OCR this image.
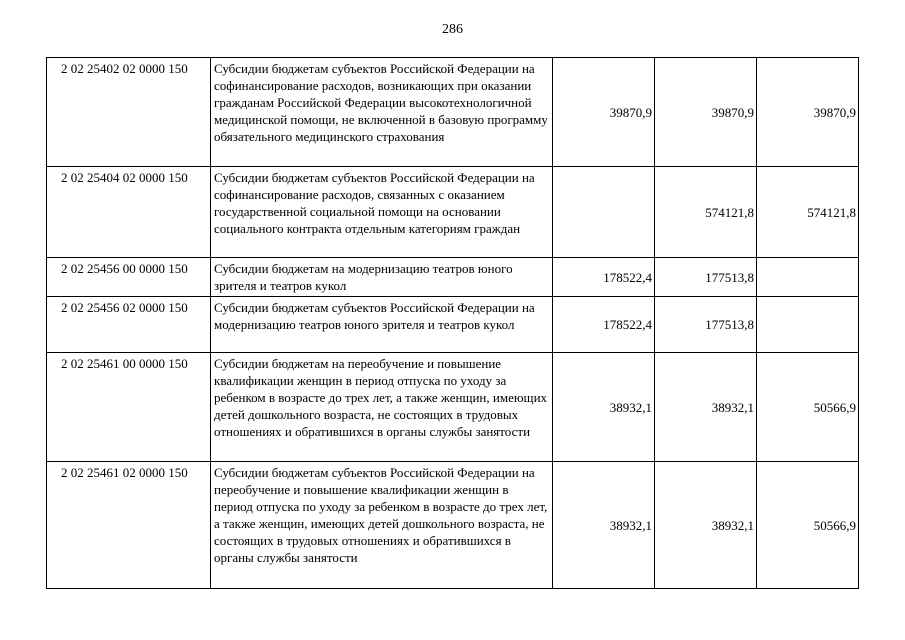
286
2 02 25402 02 0000 150	Субсидии бюджетам субъектов Российской Федерации на софинансирование расходов, возникающих при оказании гражданам Российской Федерации высокотехнологичной медицинской помощи, не включенной в базовую программу обязательного медицинского страхования	39870,9	39870,9	39870,9
2 02 25404 02 0000 150	Субсидии бюджетам субъектов Российской Федерации на софинансирование расходов, связанных с оказанием государственной социальной помощи на основании социального контракта отдельным категориям граждан		574121,8	574121,8
2 02 25456 00 0000 150	Субсидии бюджетам на модернизацию театров юного зрителя и театров кукол	178522,4	177513,8	
2 02 25456 02 0000 150	Субсидии бюджетам субъектов Российской Федерации на модернизацию театров юного зрителя и театров кукол	178522,4	177513,8	
2 02 25461 00 0000 150	Субсидии бюджетам на переобучение и повышение квалификации женщин в период отпуска по уходу за ребенком в возрасте до трех лет, а также женщин, имеющих детей дошкольного возраста, не состоящих в трудовых отношениях и обратившихся в органы службы занятости	38932,1	38932,1	50566,9
2 02 25461 02 0000 150	Субсидии бюджетам субъектов Российской Федерации на переобучение и повышение квалификации женщин в период отпуска по уходу за ребенком в возрасте до трех лет, а также женщин, имеющих детей дошкольного возраста, не состоящих в трудовых отношениях и обратившихся в органы службы занятости	38932,1	38932,1	50566,9
